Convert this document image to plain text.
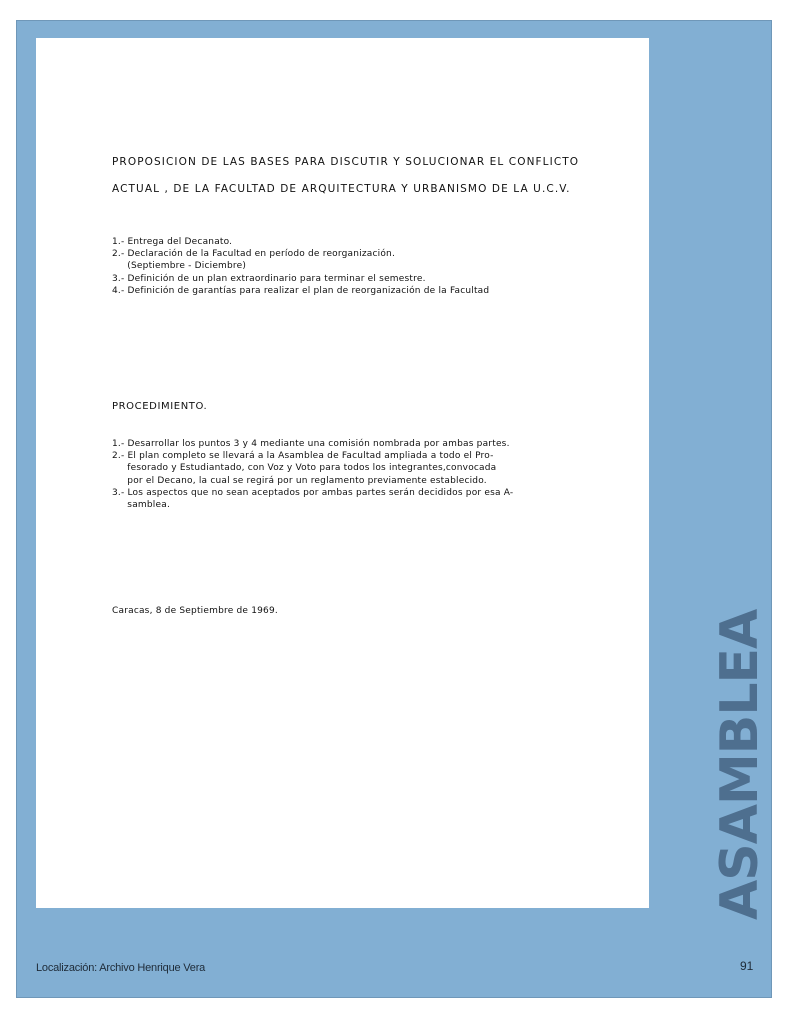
PROPOSICION DE LAS BASES PARA DISCUTIR Y SOLUCIONAR EL CONFLICTO
ACTUAL , DE LA FACULTAD DE ARQUITECTURA Y URBANISMO DE LA U.C.V.
1.- Entrega del Decanato.
2.- Declaración de la Facultad en período de reorganización.
(Septiembre - Diciembre)
3.- Definición de un plan extraordinario para terminar el semestre.
4.- Definición de garantías para realizar el plan de reorganización de la Facultad
PROCEDIMIENTO.
1.- Desarrollar los puntos 3 y 4 mediante una comisión nombrada por ambas partes.
2.- El plan completo se llevará a la Asamblea de Facultad ampliada a todo el Pro-
fesorado y Estudiantado, con Voz y Voto para todos los integrantes,convocada
por el Decano, la cual se regirá por un reglamento previamente establecido.
3.- Los aspectos que no sean aceptados por ambas partes serán decididos por esa A-
samblea.
Caracas, 8 de Septiembre de 1969.	ASAMBLEA
Localización: Archivo Henrique Vera	91
